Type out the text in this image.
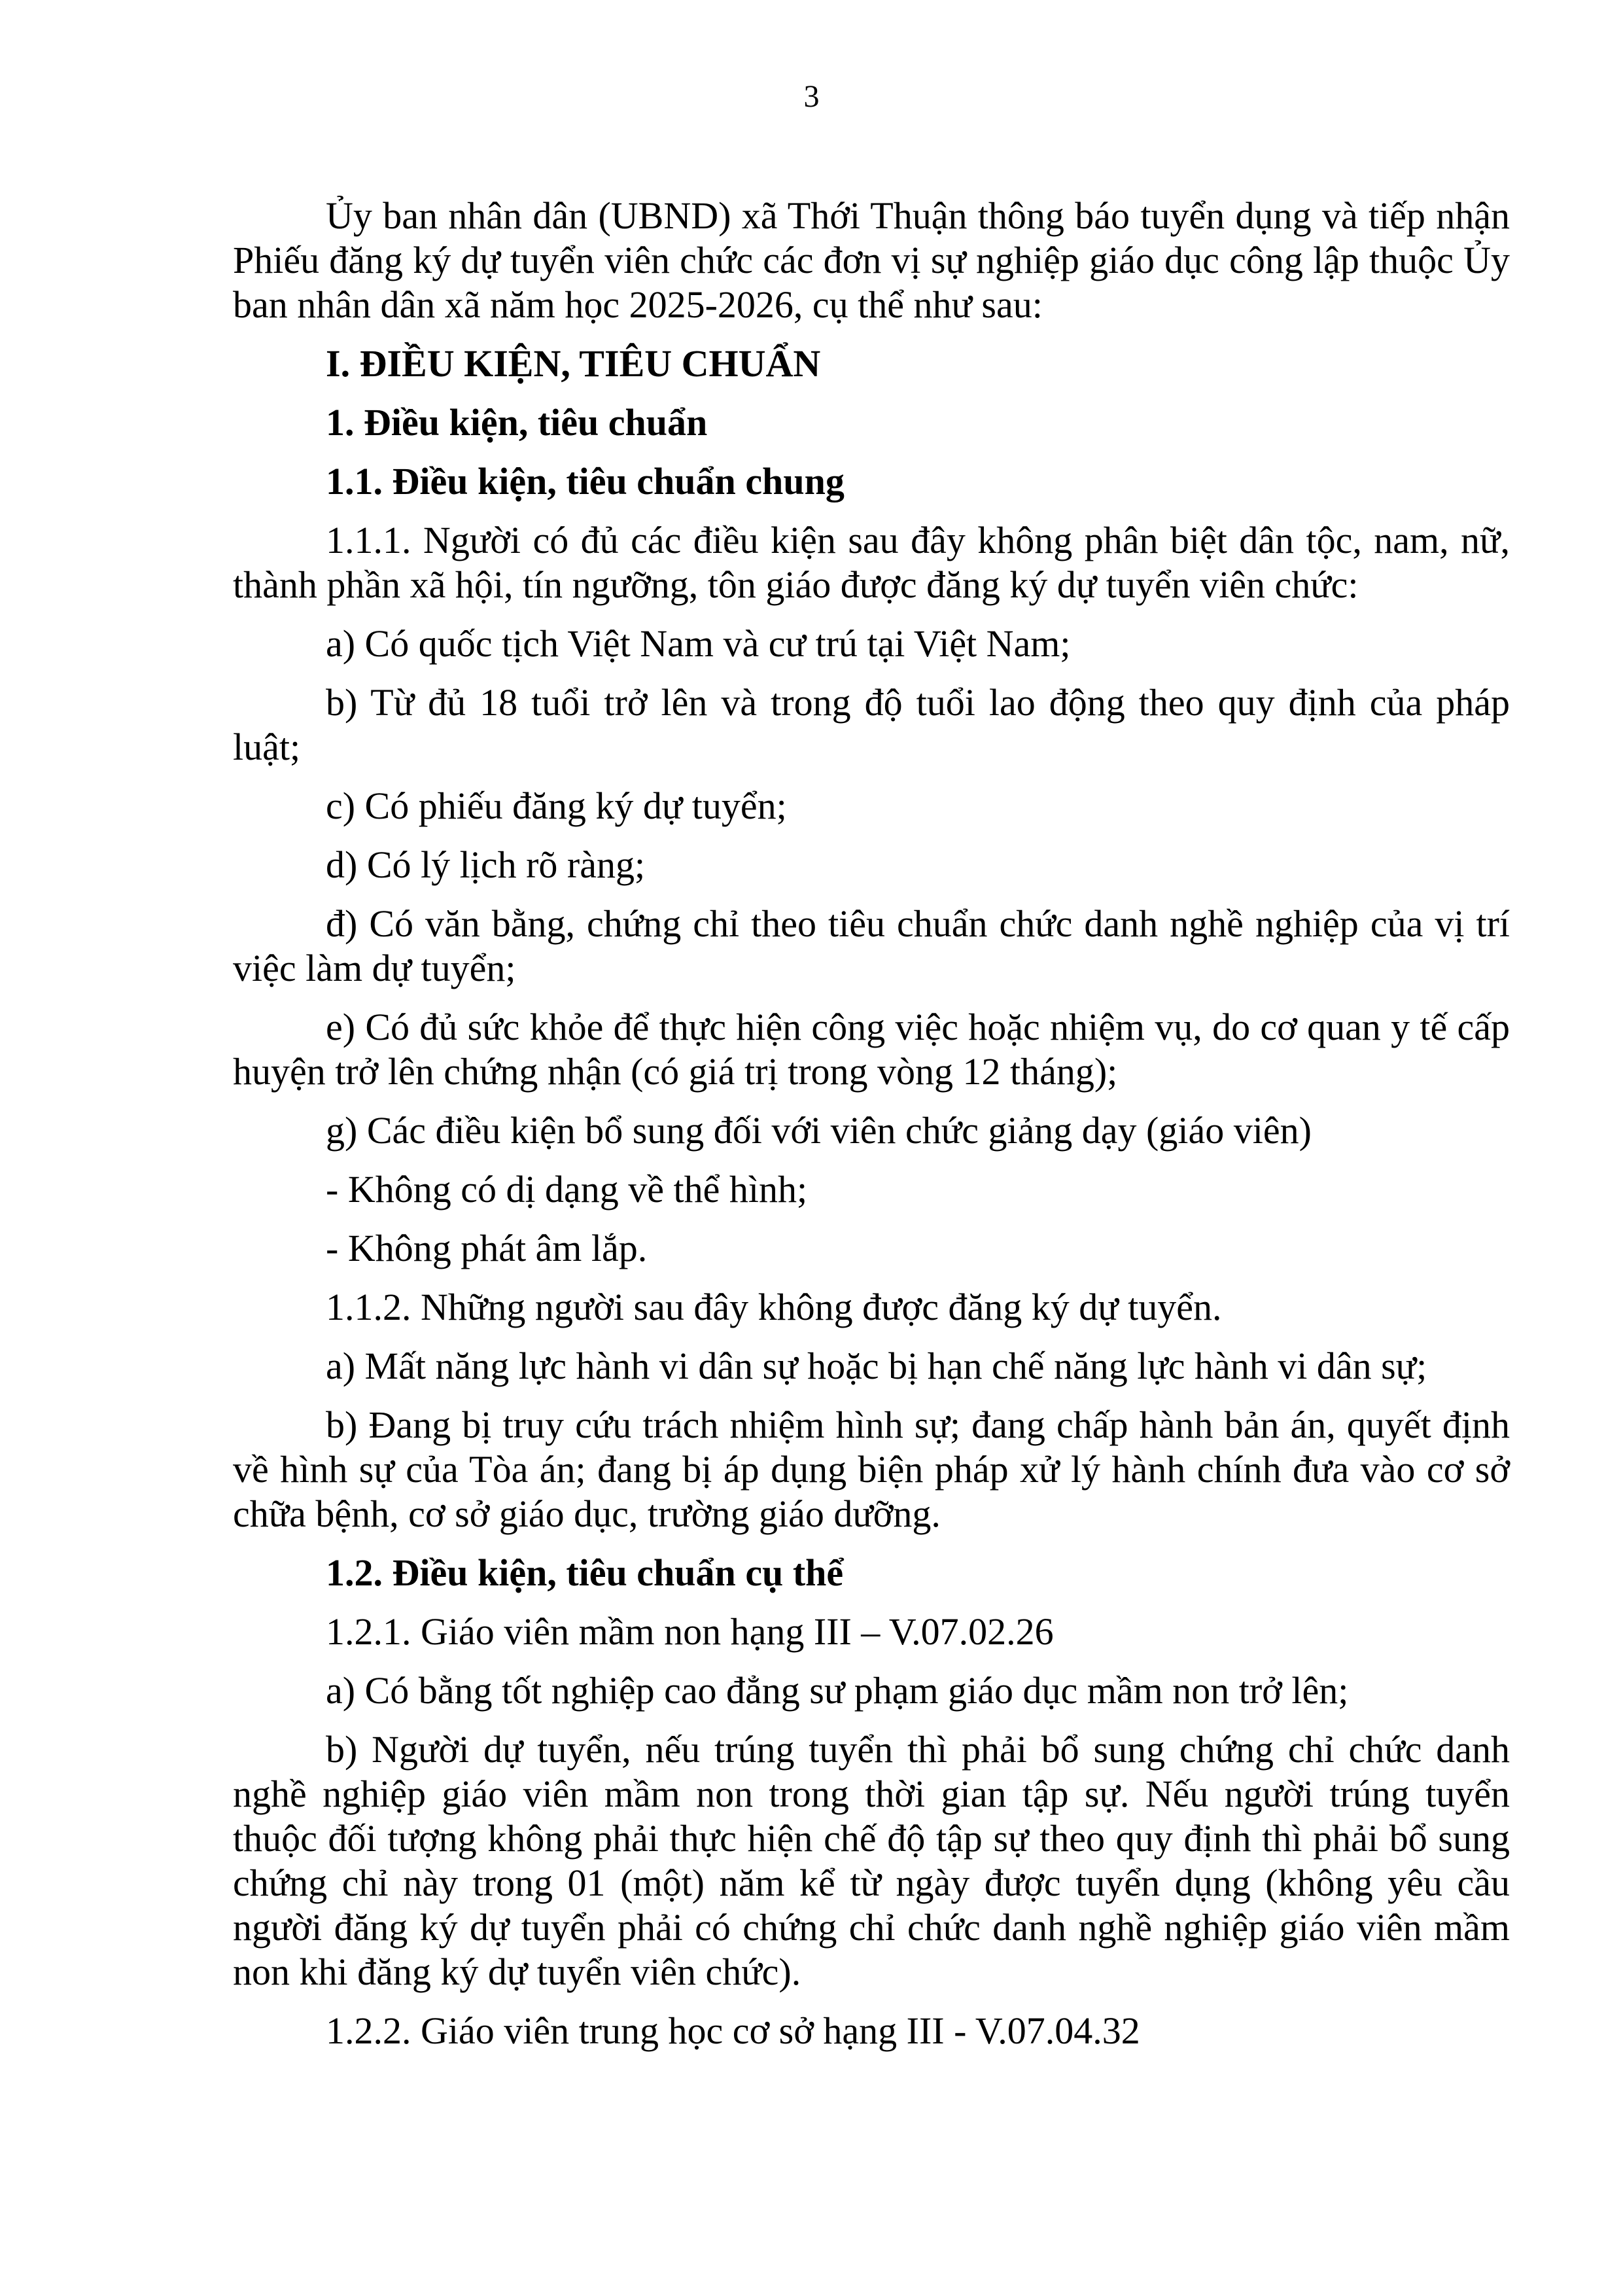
3

Ủy ban nhân dân (UBND) xã Thới Thuận thông báo tuyển dụng và tiếp nhận Phiếu đăng ký dự tuyển viên chức các đơn vị sự nghiệp giáo dục công lập thuộc Ủy ban nhân dân xã năm học 2025-2026, cụ thể như sau:

I. ĐIỀU KIỆN, TIÊU CHUẨN

1. Điều kiện, tiêu chuẩn

1.1. Điều kiện, tiêu chuẩn chung

1.1.1. Người có đủ các điều kiện sau đây không phân biệt dân tộc, nam, nữ, thành phần xã hội, tín ngưỡng, tôn giáo được đăng ký dự tuyển viên chức:

a) Có quốc tịch Việt Nam và cư trú tại Việt Nam;

b) Từ đủ 18 tuổi trở lên và trong độ tuổi lao động theo quy định của pháp luật;

c) Có phiếu đăng ký dự tuyển;

d) Có lý lịch rõ ràng;

đ) Có văn bằng, chứng chỉ theo tiêu chuẩn chức danh nghề nghiệp của vị trí việc làm dự tuyển;

e) Có đủ sức khỏe để thực hiện công việc hoặc nhiệm vụ, do cơ quan y tế cấp huyện trở lên chứng nhận (có giá trị trong vòng 12 tháng);

g) Các điều kiện bổ sung đối với viên chức giảng dạy (giáo viên)

- Không có dị dạng về thể hình;

- Không phát âm lắp.

1.1.2. Những người sau đây không được đăng ký dự tuyển.

a) Mất năng lực hành vi dân sự hoặc bị hạn chế năng lực hành vi dân sự;

b) Đang bị truy cứu trách nhiệm hình sự; đang chấp hành bản án, quyết định về hình sự của Tòa án; đang bị áp dụng biện pháp xử lý hành chính đưa vào cơ sở chữa bệnh, cơ sở giáo dục, trường giáo dưỡng.

1.2. Điều kiện, tiêu chuẩn cụ thể

1.2.1. Giáo viên mầm non hạng III – V.07.02.26

a) Có bằng tốt nghiệp cao đẳng sư phạm giáo dục mầm non trở lên;

b) Người dự tuyển, nếu trúng tuyển thì phải bổ sung chứng chỉ chức danh nghề nghiệp giáo viên mầm non trong thời gian tập sự. Nếu người trúng tuyển thuộc đối tượng không phải thực hiện chế độ tập sự theo quy định thì phải bổ sung chứng chỉ này trong 01 (một) năm kể từ ngày được tuyển dụng (không yêu cầu người đăng ký dự tuyển phải có chứng chỉ chức danh nghề nghiệp giáo viên mầm non khi đăng ký dự tuyển viên chức).

1.2.2. Giáo viên trung học cơ sở hạng III - V.07.04.32
